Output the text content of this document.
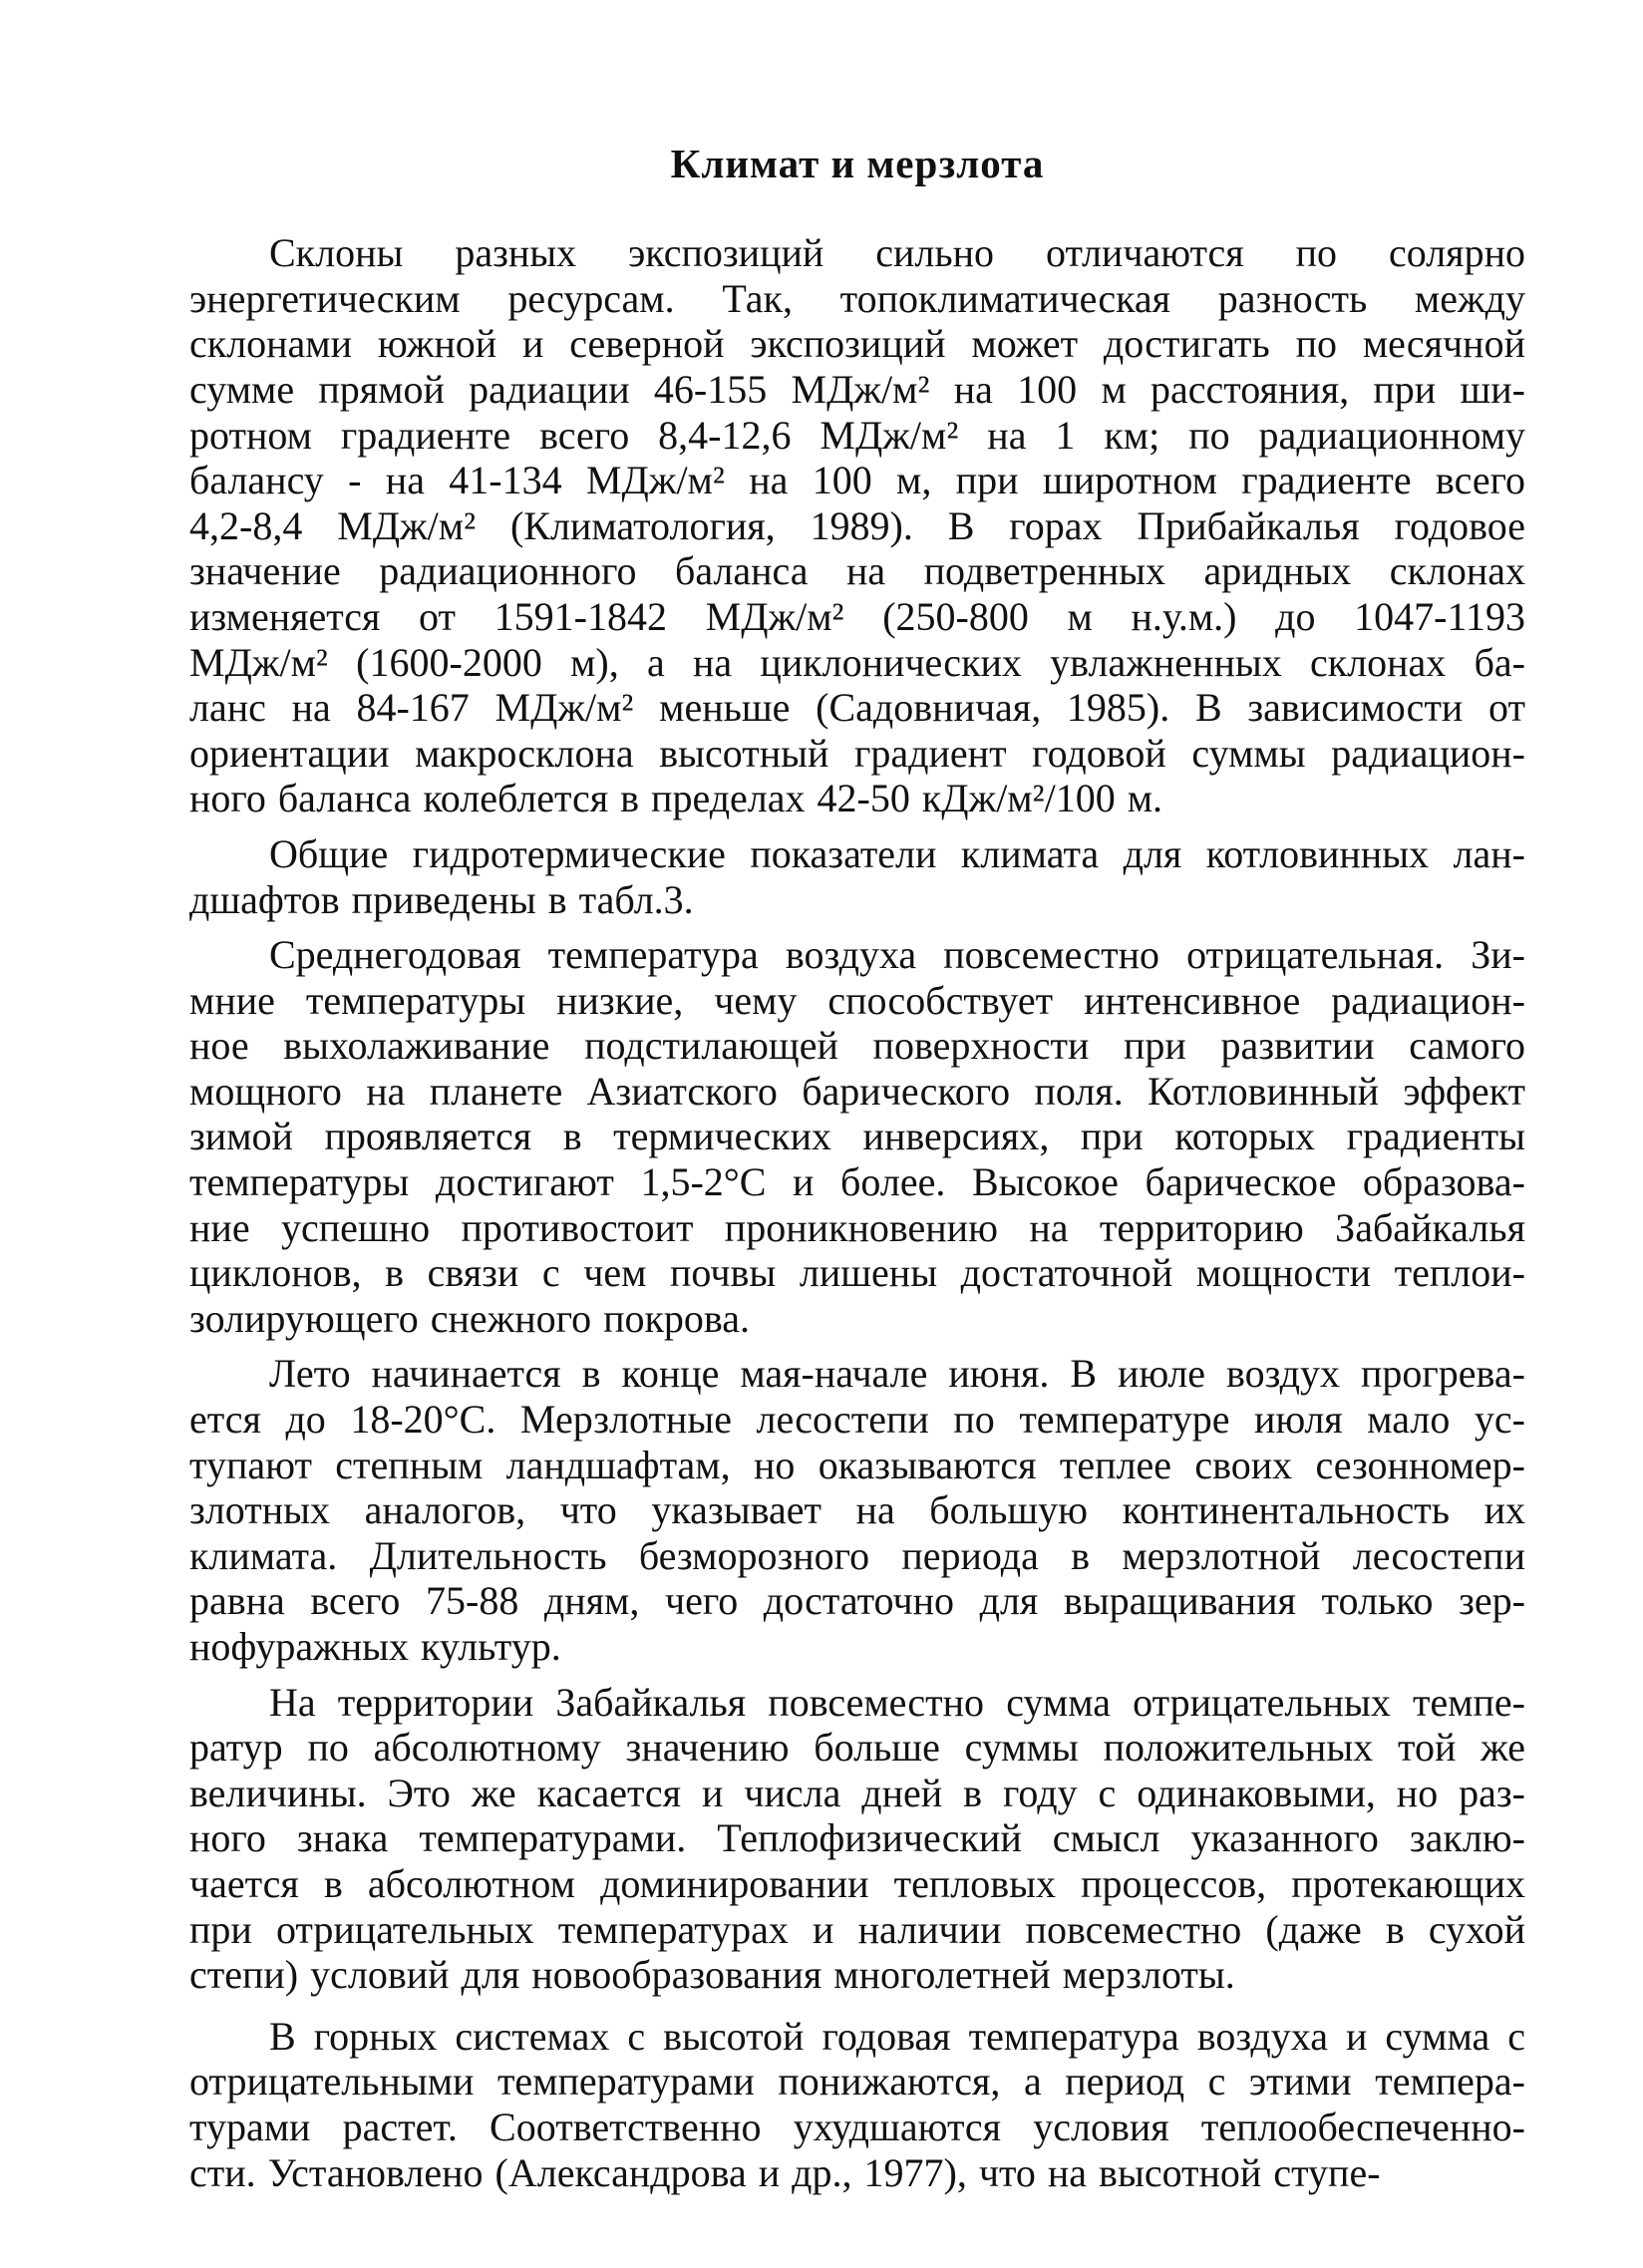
Климат и мерзлота
Склоны разных экспозиций сильно отличаются по солярно
энергетическим ресурсам. Так, топоклиматическая разность между
склонами южной и северной экспозиций может достигать по месячной
сумме прямой радиации 46-155 МДж/м² на 100 м расстояния, при ши-
ротном градиенте всего 8,4-12,6 МДж/м² на 1 км; по радиационному
балансу - на 41-134 МДж/м² на 100 м, при широтном градиенте всего
4,2-8,4 МДж/м² (Климатология, 1989). В горах Прибайкалья годовое
значение радиационного баланса на подветренных аридных склонах
изменяется от 1591-1842 МДж/м² (250-800 м н.у.м.) до 1047-1193
МДж/м² (1600-2000 м), а на циклонических увлажненных склонах ба-
ланс на 84-167 МДж/м² меньше (Садовничая, 1985). В зависимости от
ориентации макросклона высотный градиент годовой суммы радиацион-
ного баланса колеблется в пределах 42-50 кДж/м²/100 м.
Общие гидротермические показатели климата для котловинных лан-
дшафтов приведены в табл.3.
Среднегодовая температура воздуха повсеместно отрицательная. Зи-
мние температуры низкие, чему способствует интенсивное радиацион-
ное выхолаживание подстилающей поверхности при развитии самого
мощного на планете Азиатского барического поля. Котловинный эффект
зимой проявляется в термических инверсиях, при которых градиенты
температуры достигают 1,5-2°С и более. Высокое барическое образова-
ние успешно противостоит проникновению на территорию Забайкалья
циклонов, в связи с чем почвы лишены достаточной мощности теплои-
золирующего снежного покрова.
Лето начинается в конце мая-начале июня. В июле воздух прогрева-
ется до 18-20°С. Мерзлотные лесостепи по температуре июля мало ус-
тупают степным ландшафтам, но оказываются теплее своих сезонномер-
злотных аналогов, что указывает на большую континентальность их
климата. Длительность безморозного периода в мерзлотной лесостепи
равна всего 75-88 дням, чего достаточно для выращивания только зер-
нофуражных культур.
На территории Забайкалья повсеместно сумма отрицательных темпе-
ратур по абсолютному значению больше суммы положительных той же
величины. Это же касается и числа дней в году с одинаковыми, но раз-
ного знака температурами. Теплофизический смысл указанного заклю-
чается в абсолютном доминировании тепловых процессов, протекающих
при отрицательных температурах и наличии повсеместно (даже в сухой
степи) условий для новообразования многолетней мерзлоты.
В горных системах с высотой годовая температура воздуха и сумма с
отрицательными температурами понижаются, а период с этими темпера-
турами растет. Соответственно ухудшаются условия теплообеспеченно-
сти. Установлено (Александрова и др., 1977), что на высотной ступе-
